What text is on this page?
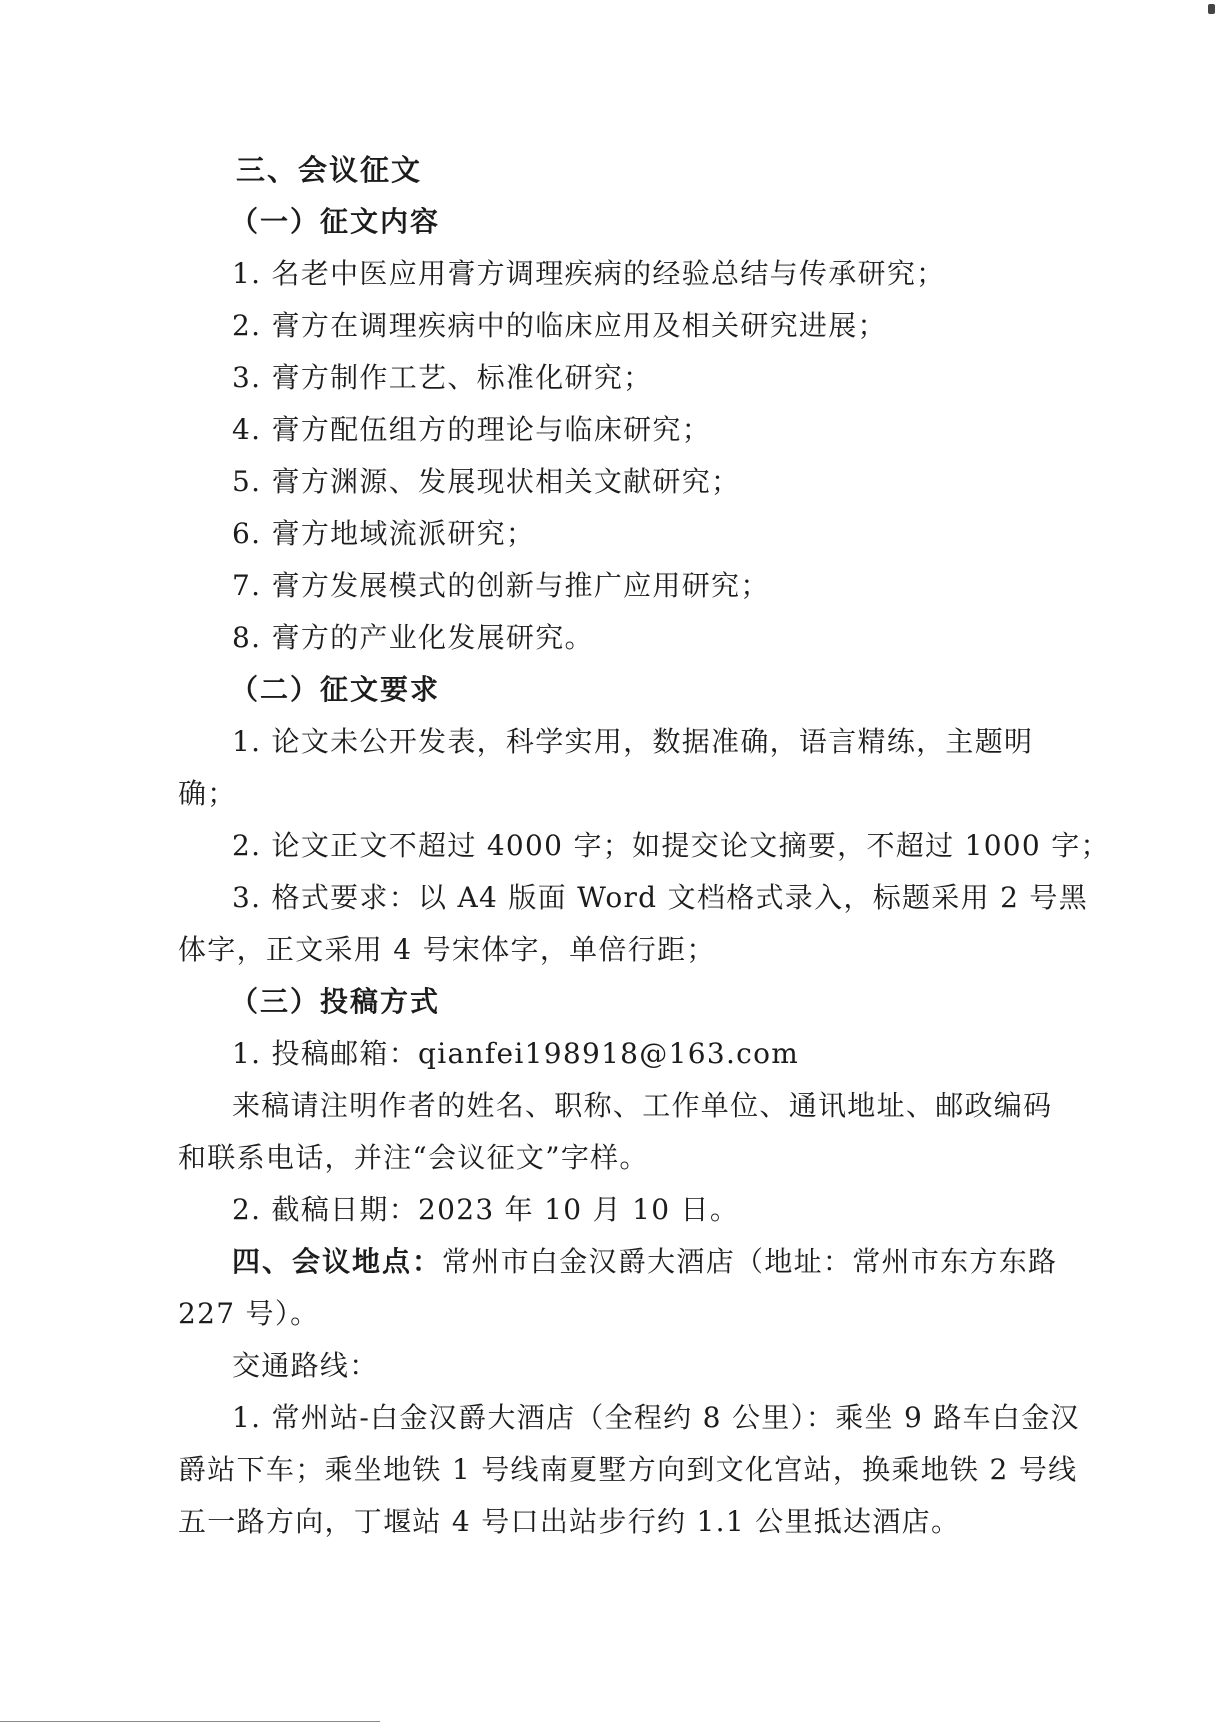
三、会议征文
（一）征文内容
1. 名老中医应用膏方调理疾病的经验总结与传承研究；
2. 膏方在调理疾病中的临床应用及相关研究进展；
3. 膏方制作工艺、标准化研究；
4. 膏方配伍组方的理论与临床研究；
5. 膏方渊源、发展现状相关文献研究；
6. 膏方地域流派研究；
7. 膏方发展模式的创新与推广应用研究；
8. 膏方的产业化发展研究。
（二）征文要求
1. 论文未公开发表，科学实用，数据准确，语言精练，主题明
确；
2. 论文正文不超过 4000 字；如提交论文摘要，不超过 1000 字；
3. 格式要求：以 A4 版面 Word 文档格式录入，标题采用 2 号黑
体字，正文采用 4 号宋体字，单倍行距；
（三）投稿方式
1. 投稿邮箱：qianfei198918@163.com
来稿请注明作者的姓名、职称、工作单位、通讯地址、邮政编码
和联系电话，并注“会议征文”字样。
2. 截稿日期：2023 年 10 月 10 日。
四、会议地点：常州市白金汉爵大酒店（地址：常州市东方东路
227 号）。
交通路线：
1. 常州站-白金汉爵大酒店（全程约 8 公里）：乘坐 9 路车白金汉
爵站下车；乘坐地铁 1 号线南夏墅方向到文化宫站，换乘地铁 2 号线
五一路方向，丁堰站 4 号口出站步行约 1.1 公里抵达酒店。
